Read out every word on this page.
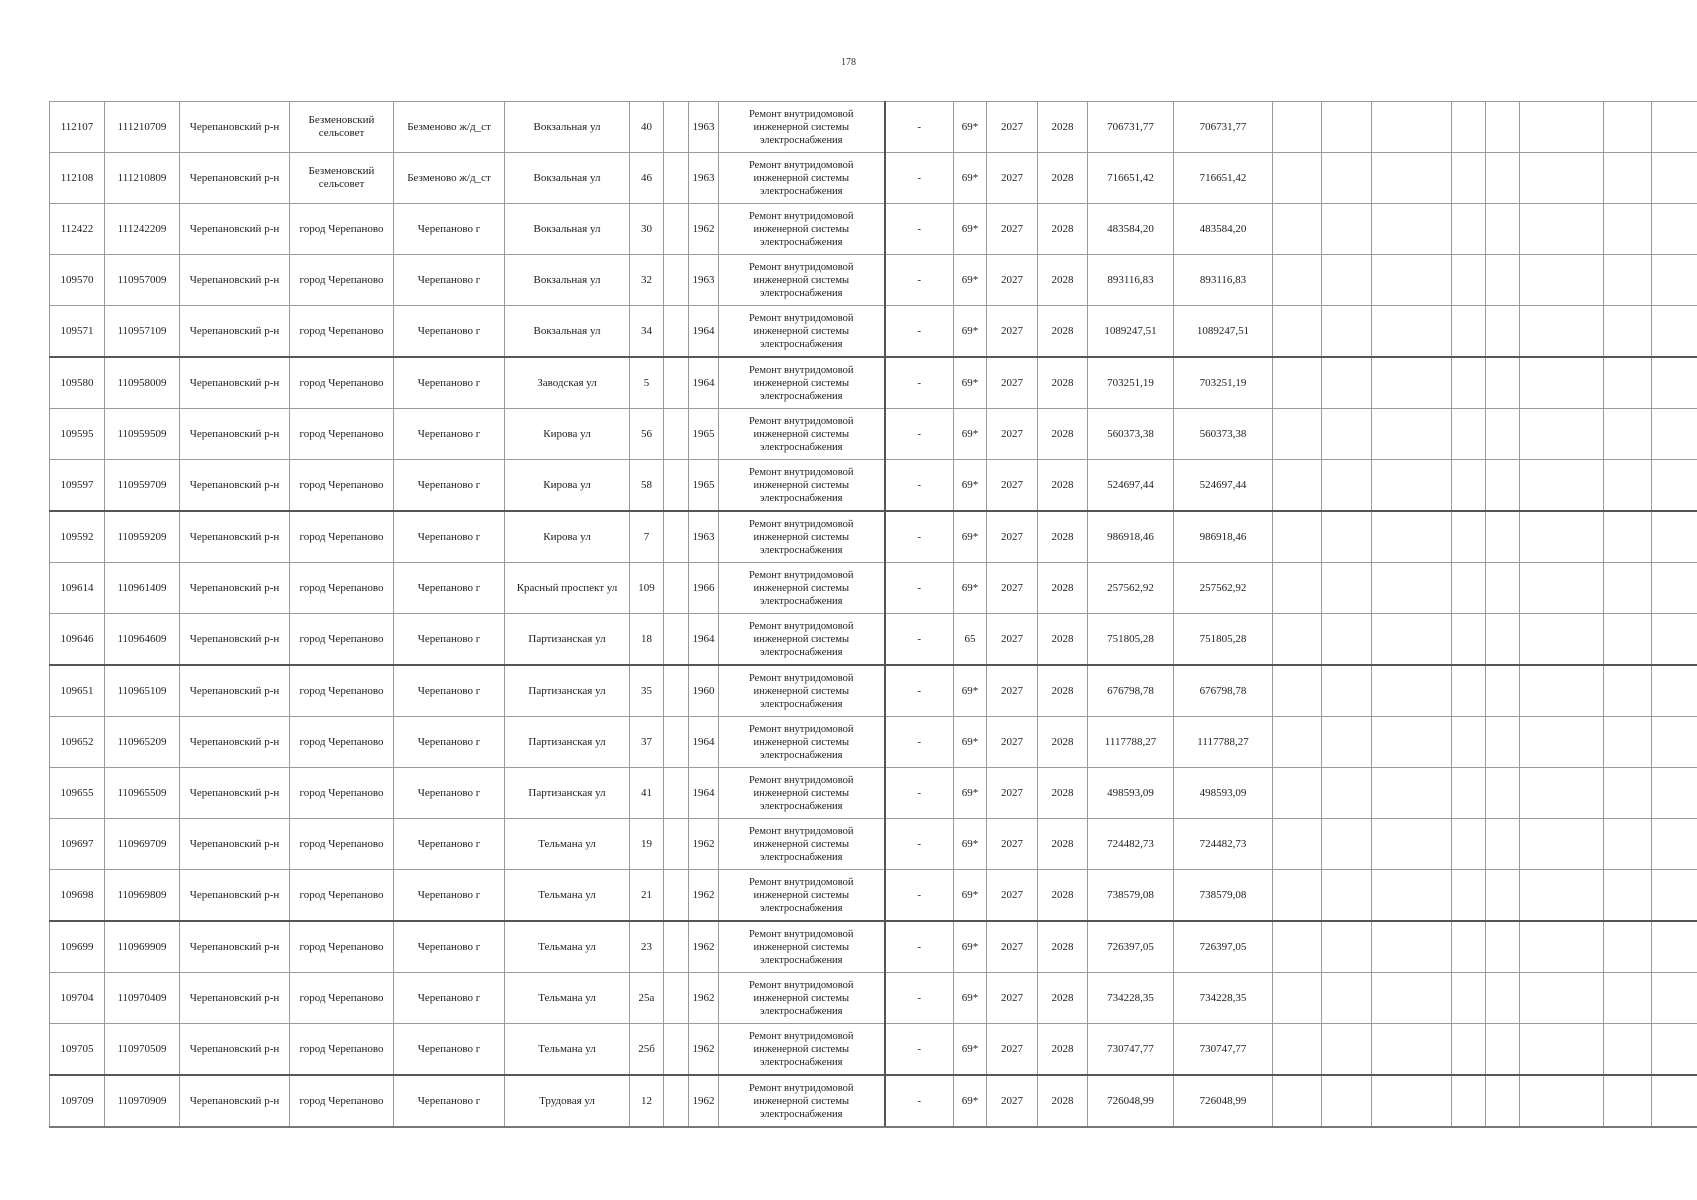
178
112107	111210709	Черепановский р-н	Безменовский сельсовет	Безменово ж/д_ст	Вокзальная ул	40		1963	Ремонт внутридомовой
инженерной системы
электроснабжения	-	69*	2027	2028	706731,77	706731,77								
112108	111210809	Черепановский р-н	Безменовский сельсовет	Безменово ж/д_ст	Вокзальная ул	46		1963	Ремонт внутридомовой
инженерной системы
электроснабжения	-	69*	2027	2028	716651,42	716651,42								
112422	111242209	Черепановский р-н	город Черепаново	Черепаново г	Вокзальная ул	30		1962	Ремонт внутридомовой
инженерной системы
электроснабжения	-	69*	2027	2028	483584,20	483584,20								
109570	110957009	Черепановский р-н	город Черепаново	Черепаново г	Вокзальная ул	32		1963	Ремонт внутридомовой
инженерной системы
электроснабжения	-	69*	2027	2028	893116,83	893116,83								
109571	110957109	Черепановский р-н	город Черепаново	Черепаново г	Вокзальная ул	34		1964	Ремонт внутридомовой
инженерной системы
электроснабжения	-	69*	2027	2028	1089247,51	1089247,51								
109580	110958009	Черепановский р-н	город Черепаново	Черепаново г	Заводская ул	5		1964	Ремонт внутридомовой
инженерной системы
электроснабжения	-	69*	2027	2028	703251,19	703251,19								
109595	110959509	Черепановский р-н	город Черепаново	Черепаново г	Кирова ул	56		1965	Ремонт внутридомовой
инженерной системы
электроснабжения	-	69*	2027	2028	560373,38	560373,38								
109597	110959709	Черепановский р-н	город Черепаново	Черепаново г	Кирова ул	58		1965	Ремонт внутридомовой
инженерной системы
электроснабжения	-	69*	2027	2028	524697,44	524697,44								
109592	110959209	Черепановский р-н	город Черепаново	Черепаново г	Кирова ул	7		1963	Ремонт внутридомовой
инженерной системы
электроснабжения	-	69*	2027	2028	986918,46	986918,46								
109614	110961409	Черепановский р-н	город Черепаново	Черепаново г	Красный проспект ул	109		1966	Ремонт внутридомовой
инженерной системы
электроснабжения	-	69*	2027	2028	257562,92	257562,92								
109646	110964609	Черепановский р-н	город Черепаново	Черепаново г	Партизанская ул	18		1964	Ремонт внутридомовой
инженерной системы
электроснабжения	-	65	2027	2028	751805,28	751805,28								
109651	110965109	Черепановский р-н	город Черепаново	Черепаново г	Партизанская ул	35		1960	Ремонт внутридомовой
инженерной системы
электроснабжения	-	69*	2027	2028	676798,78	676798,78								
109652	110965209	Черепановский р-н	город Черепаново	Черепаново г	Партизанская ул	37		1964	Ремонт внутридомовой
инженерной системы
электроснабжения	-	69*	2027	2028	1117788,27	1117788,27								
109655	110965509	Черепановский р-н	город Черепаново	Черепаново г	Партизанская ул	41		1964	Ремонт внутридомовой
инженерной системы
электроснабжения	-	69*	2027	2028	498593,09	498593,09								
109697	110969709	Черепановский р-н	город Черепаново	Черепаново г	Тельмана ул	19		1962	Ремонт внутридомовой
инженерной системы
электроснабжения	-	69*	2027	2028	724482,73	724482,73								
109698	110969809	Черепановский р-н	город Черепаново	Черепаново г	Тельмана ул	21		1962	Ремонт внутридомовой
инженерной системы
электроснабжения	-	69*	2027	2028	738579,08	738579,08								
109699	110969909	Черепановский р-н	город Черепаново	Черепаново г	Тельмана ул	23		1962	Ремонт внутридомовой
инженерной системы
электроснабжения	-	69*	2027	2028	726397,05	726397,05								
109704	110970409	Черепановский р-н	город Черепаново	Черепаново г	Тельмана ул	25а		1962	Ремонт внутридомовой
инженерной системы
электроснабжения	-	69*	2027	2028	734228,35	734228,35								
109705	110970509	Черепановский р-н	город Черепаново	Черепаново г	Тельмана ул	25б		1962	Ремонт внутридомовой
инженерной системы
электроснабжения	-	69*	2027	2028	730747,77	730747,77								
109709	110970909	Черепановский р-н	город Черепаново	Черепаново г	Трудовая ул	12		1962	Ремонт внутридомовой
инженерной системы
электроснабжения	-	69*	2027	2028	726048,99	726048,99								
